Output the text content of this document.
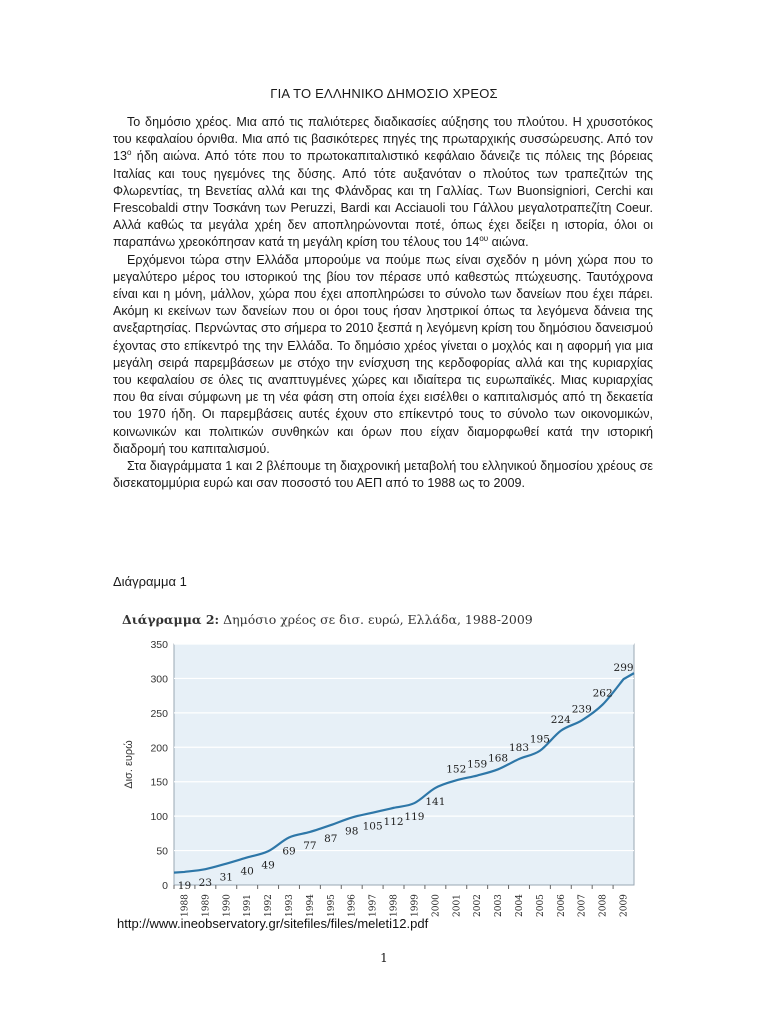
ΓΙΑ ΤΟ ΕΛΛΗΝΙΚΟ ΔΗΜΟΣΙΟ ΧΡΕΟΣ

Το δημόσιο χρέος. Μια από τις παλιότερες διαδικασίες αύξησης του πλούτου. Η χρυσοτόκος του κεφαλαίου όρνιθα. Μια από τις βασικότερες πηγές της πρωταρχικής συσσώρευσης. Από τον $13^o$ ήδη αιώνα. Από τότε που το πρωτοκαπιταλιστικό κεφάλαιο δάνειζε τις πόλεις της βόρειας Ιταλίας και τους ηγεμόνες της δύσης. Από τότε αυξανόταν ο πλούτος των τραπεζιτών της Φλωρεντίας, τη Βενετίας αλλά και της Φλάνδρας και τη Γαλλίας. Των Buonsigniori, Cerchi και Frescobaldi στην Τοσκάνη των Peruzzi, Bardi και Acciauoli του Γάλλου μεγαλοτραπεζίτη Coeur. Αλλά καθώς τα μεγάλα χρέη δεν αποπληρώνονται ποτέ, όπως έχει δείξει η ιστορία, όλοι οι παραπάνω χρεοκόπησαν κατά τη μεγάλη κρίση του τέλους του $14^{o\upsilon}$ αιώνα.

Ερχόμενοι τώρα στην Ελλάδα μπορούμε να πούμε πως είναι σχεδόν η μόνη χώρα που το μεγαλύτερο μέρος του ιστορικού της βίου τον πέρασε υπό καθεστώς πτώχευσης. Ταυτόχρονα είναι και η μόνη, μάλλον, χώρα που έχει αποπληρώσει το σύνολο των δανείων που έχει πάρει. Ακόμη κι εκείνων των δανείων που οι όροι τους ήσαν ληστρικοί όπως τα λεγόμενα δάνεια της ανεξαρτησίας. Περνώντας στο σήμερα το 2010 ξεσπά η λεγόμενη κρίση του δημόσιου δανεισμού έχοντας στο επίκεντρό της την Ελλάδα. Το δημόσιο χρέος γίνεται ο μοχλός και η αφορμή για μια μεγάλη σειρά παρεμβάσεων με στόχο την ενίσχυση της κερδοφορίας αλλά και της κυριαρχίας του κεφαλαίου σε όλες τις αναπτυγμένες χώρες και ιδιαίτερα τις ευρωπαϊκές. Μιας κυριαρχίας που θα είναι σύμφωνη με τη νέα φάση στη οποία έχει εισέλθει ο καπιταλισμός από τη δεκαετία του 1970 ήδη. Οι παρεμβάσεις αυτές έχουν στο επίκεντρό τους το σύνολο των οικονομικών, κοινωνικών και πολιτικών συνθηκών και όρων που είχαν διαμορφωθεί κατά την ιστορική διαδρομή του καπιταλισμού.

Στα διαγράμματα 1 και 2 βλέπουμε τη διαχρονική μεταβολή του ελληνικού δημοσίου χρέους σε δισεκατομμύρια ευρώ και σαν ποσοστό του ΑΕΠ από το 1988 ως το 2009.

Διάγραμμα 1
Διάγραμμα 2: Δημόσιο χρέος σε δισ. ευρώ, Ελλάδα, 1988-2009
0
50
100
150
200
250
300
350
Δισ. ευρώ
1988 1989 1990 1991 1992 1993 1994 1995 1996 1997 1998 1999 2000 2001 2002 2003 2004 2005 2006 2007 2008 2009
19 23 31
40
49
69 77
87
98 105 112 119
141
152 159
168
183
195
224
239
262
299
http://www.ineobservatory.gr/sitefiles/files/meleti12.pdf
1
